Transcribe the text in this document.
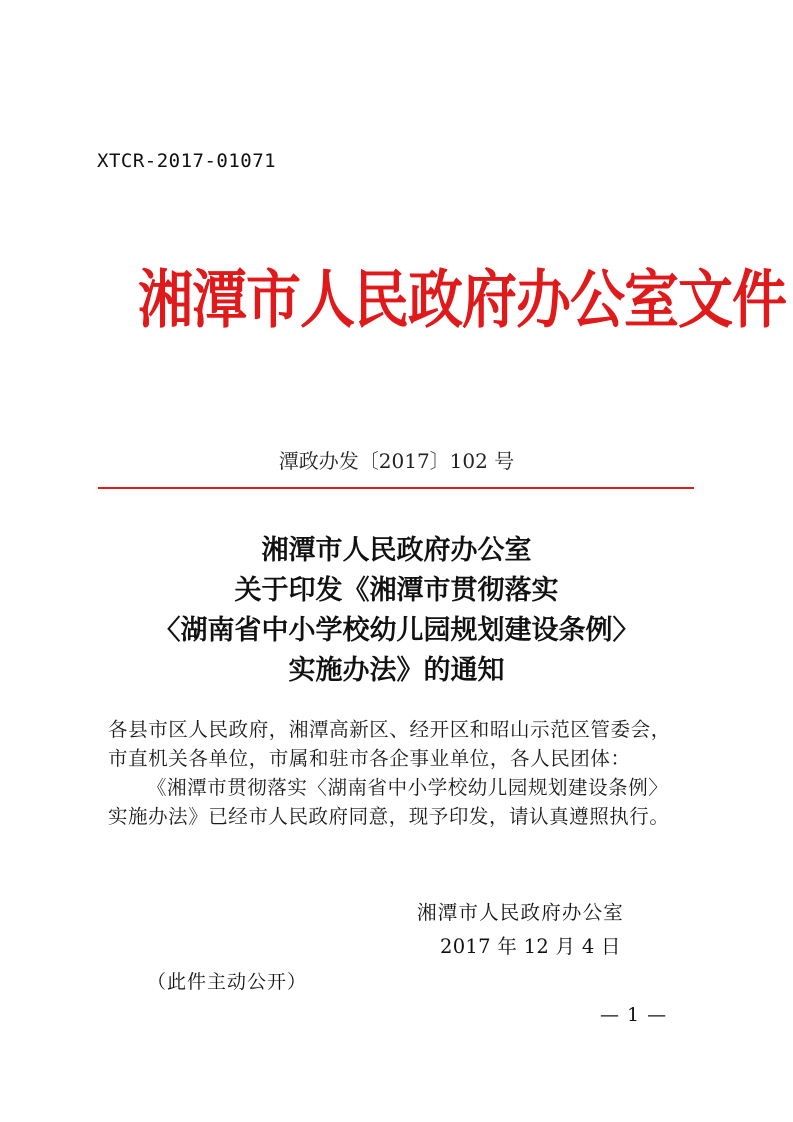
XTCR-2017-01071
湘潭市人民政府办公室文件
潭政办发〔2017〕102 号
湘潭市人民政府办公室
关于印发《湘潭市贯彻落实
〈湖南省中小学校幼儿园规划建设条例〉
实施办法》的通知
各县市区人民政府，湘潭高新区、经开区和昭山示范区管委会，
市直机关各单位，市属和驻市各企事业单位，各人民团体：
《湘潭市贯彻落实〈湖南省中小学校幼儿园规划建设条例〉
实施办法》已经市人民政府同意，现予印发，请认真遵照执行。
湘潭市人民政府办公室
2017 年 12 月 4 日
（此件主动公开）
— 1 —
